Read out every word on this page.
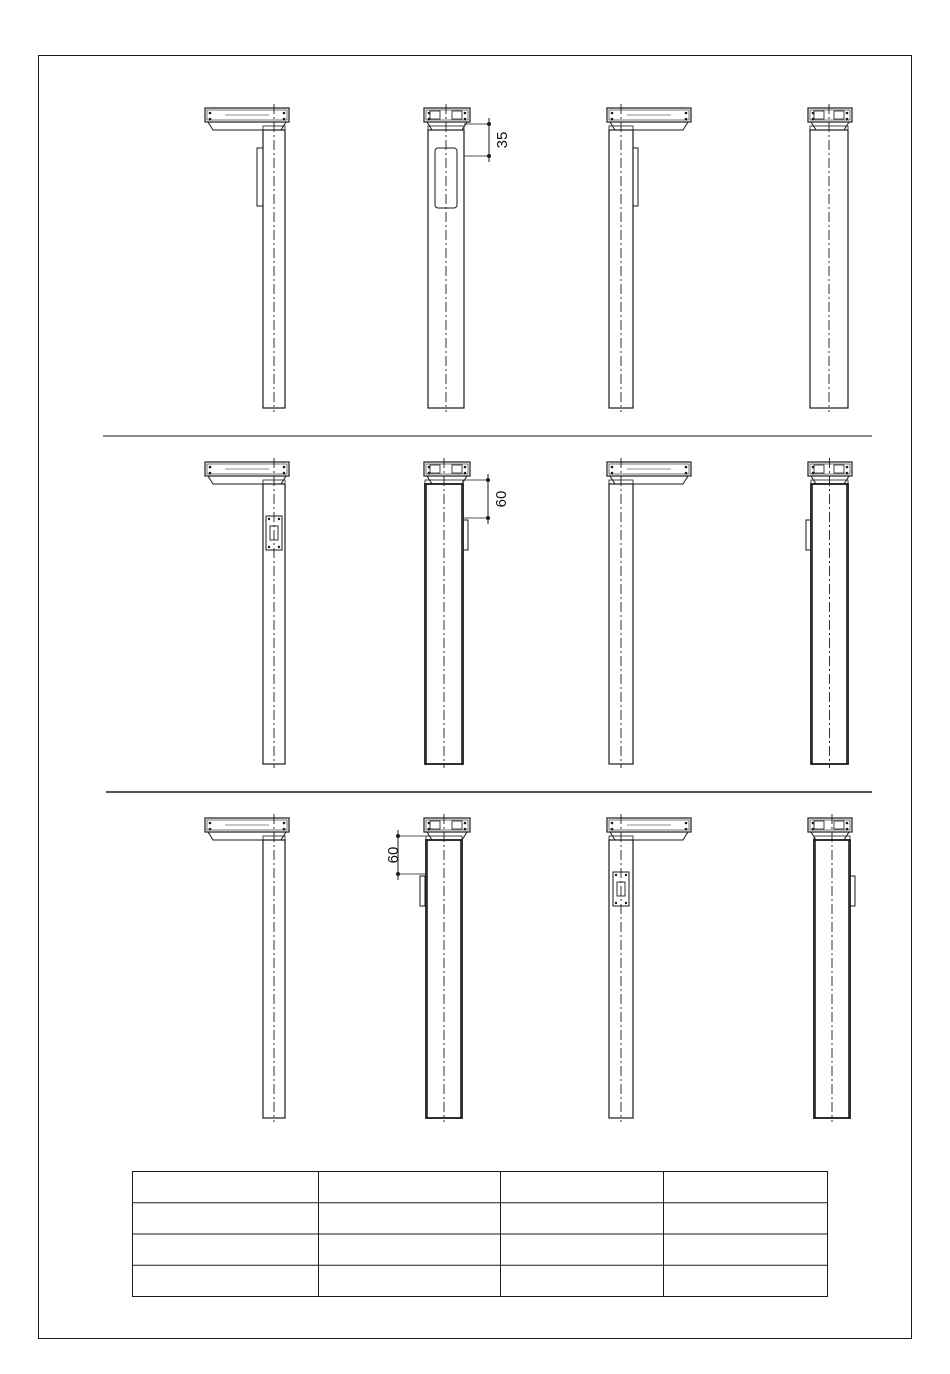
35
60
60
